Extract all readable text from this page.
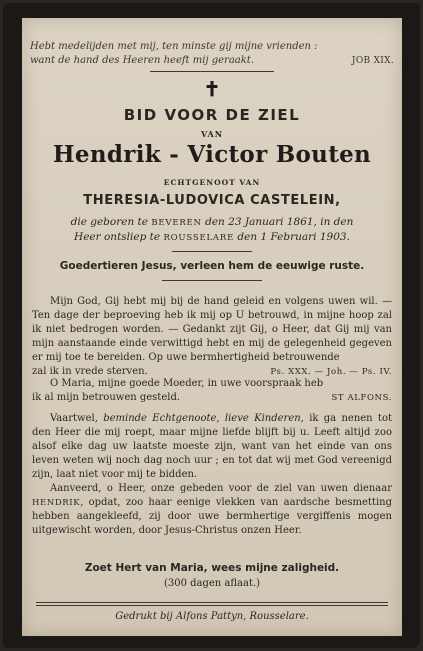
Hebt medelijden met mij, ten minste gij mijne vrienden :
want de hand des Heeren heeft mij geraakt.	JOB XIX.
✝
BID VOOR DE ZIEL
VAN
Hendrik - Victor Bouten
ECHTGENOOT VAN
THERESIA-LUDOVICA CASTELEIN,
die geboren te BEVEREN den 23 Januari 1861, in den
Heer ontsliep te ROUSSELARE den 1 Februari 1903.
Goedertieren Jesus, verleen hem de eeuwige ruste.

Mijn God, Gij hebt mij bij de hand geleid en volgens uwen wil. — Ten dage der beproeving heb ik mij op U betrouwd, in mijne hoop zal ik niet bedrogen worden. — Gedankt zijt Gij, o Heer, dat Gij mij van mijn aanstaande einde verwittigd hebt en mij de gelegenheid gegeven er mij toe te bereiden. Op uwe bermhertigheid betrouwende

zal ik in vrede sterven.	Ps. XXX. — Joh. — Ps. IV.

O Maria, mijne goede Moeder, in uwe voorspraak heb

ik al mijn betrouwen gesteld.	ST ALFONS.

Vaartwel, beminde Echtgenoote, lieve Kinderen, ik ga nenen tot den Heer die mij roept, maar mijne liefde blijft bij u. Leeft altijd zoo alsof elke dag uw laatste moeste zijn, want van het einde van ons leven weten wij noch dag noch uur ; en tot dat wij met God vereenigd zijn, laat niet voor mij te bidden.

Aanveerd, o Heer, onze gebeden voor de ziel van uwen dienaar HENDRIK, opdat, zoo haar eenige vlekken van aardsche besmetting hebben aangekleefd, zij door uwe bermhertige vergiffenis mogen uitgewischt worden, door Jesus-Christus onzen Heer.

Zoet Hert van Maria, wees mijne zaligheid.
(300 dagen aflaat.)
Gedrukt bij Alfons Pattyn, Rousselare.
